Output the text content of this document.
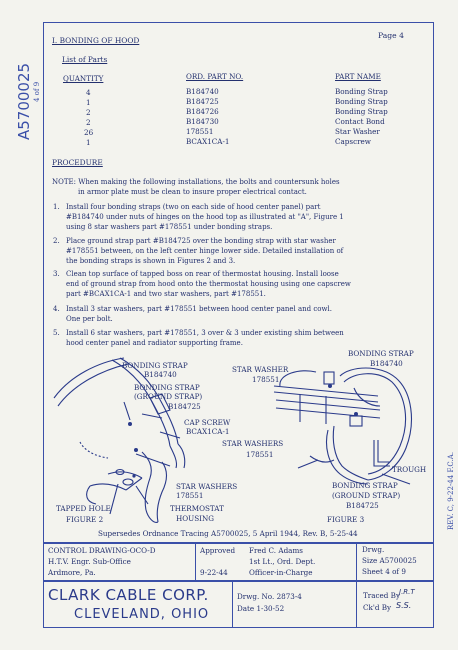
A5700025 4 of 9
REV. C, 9-22-44 F.C.A.
Page 4
I. BONDING OF HOOD
List of Parts
QUANTITY	ORD. PART NO.	PART NAME
4	B184740	Bonding Strap
1	B184725	Bonding Strap
2	B184726	Bonding Strap
2	B184730	Contact Bond
26	178551	Star Washer
1	BCAX1CA-1	Capscrew
PROCEDURE
NOTE: When making the following installations, the bolts and countersunk holes
in armor plate must be clean to insure proper electrical contact.
1. Install four bonding straps (two on each side of hood center panel) part
#B184740 under nuts of hinges on the hood top as illustrated at "A", Figure 1
using 8 star washers part #178551 under bonding straps.
2. Place ground strap part #B184725 over the bonding strap with star washer
#178551 between, on the left center hinge lower side. Detailed installation of
the bonding straps is shown in Figures 2 and 3.
3. Clean top surface of tapped boss on rear of thermostat housing. Install loose
end of ground strap from hood onto the thermostat housing using one capscrew
part #BCAX1CA-1 and two star washers, part #178551.
4. Install 3 star washers, part #178551 between hood center panel and cowl.
One per bolt.
5. Install 6 star washers, part #178551, 3 over & 3 under existing shim between
hood center panel and radiator supporting frame.
BONDING STRAP
B184740
BONDING STRAP
(GROUND STRAP)
B184725
CAP SCREW
BCAX1CA-1
STAR WASHERS
178551
TAPPED HOLE	THERMOSTAT
HOUSING
FIGURE 2
BONDING STRAP
B184740
STAR WASHER
178551
STAR WASHERS
178551
TROUGH
BONDING STRAP
(GROUND STRAP)
B184725
FIGURE 3
Supersedes Ordnance Tracing A5700025, 5 April 1944, Rev. B, 5-25-44
CONTROL DRAWING-OCO-D
H.T.V. Engr. Sub-Office
Ardmore, Pa.
Approved
9-22-44
Fred C. Adams
1st Lt., Ord. Dept.
Officer-in-Charge
Drwg.
Size A5700025
Sheet 4 of 9
CLARK CABLE CORP.
CLEVELAND, OHIO
Drwg. No. 2873-4
Date 1-30-52
Traced By
J.R.T
Ck'd By S.S.
